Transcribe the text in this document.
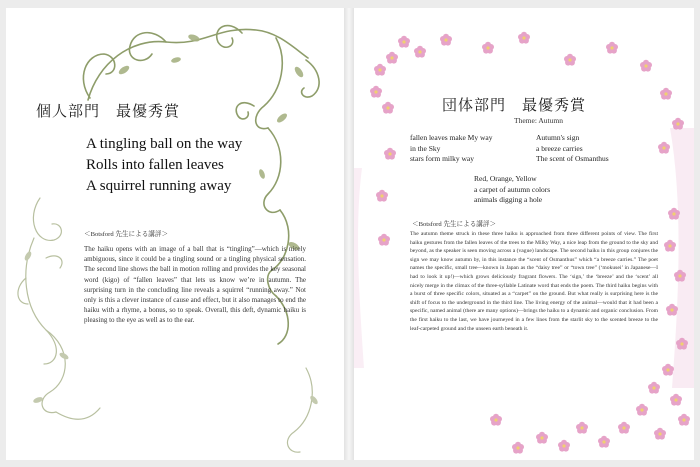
個人部門　最優秀賞
A tingling ball on the way
Rolls into fallen leaves
A squirrel running away
＜Botsford 先生による講評＞
The haiku opens with an image of a ball that is “tingling”—which is nicely ambiguous, since it could be a tingling sound or a tingling physical sensation. The second line shows the ball in motion rolling and provides the key seasonal word (kigo) of “fallen leaves” that lets us know we’re in autumn. The surprising turn in the concluding line reveals a squirrel “running away.” Not only is this a clever instance of cause and effect, but it also manages to end the haiku with a rhyme, a bonus, so to speak. Overall, this deft, dynamic haiku is pleasing to the eye as well as to the ear.
団体部門　最優秀賞
Theme: Autumn
fallen leaves make My way
in the Sky
stars form milky way
Autumn's sign
a breeze carries
The scent of Osmanthus
Red, Orange, Yellow
a carpet of autumn colors
animals digging a hole
＜Botsford 先生による講評＞
The autumn theme struck in these three haiku is approached from three different points of view. The first haiku gestures from the fallen leaves of the trees to the Milky Way, a nice leap from the ground to the sky and beyond, as the speaker is seen moving across a (vague) landscape. The second haiku in this group conjures the sign we may know autumn by, in this instance the “scent of Osmanthus” which “a breeze carries.” The poet names the specific, small tree—known in Japan as the “daisy tree” or “town tree” (‘mokusei’ in Japanese—I had to look it up!)—which grows deliciously fragrant flowers. The ‘sign,’ the ‘breeze’ and the ‘scent’ all nicely merge in the climax of the three-syllable Latinate word that ends the poem. The third haiku begins with a burst of three specific colors, situated as a “carpet” on the ground. But what really is surprising here is the shift of focus to the underground in the third line. The living energy of the animal—would that it had been a specific, named animal (there are many options)—brings the haiku to a dynamic and organic conclusion. From the first haiku to the last, we have journeyed in a few lines from the starlit sky to the scented breeze to the leaf-carpeted ground and the unseen earth beneath it.
